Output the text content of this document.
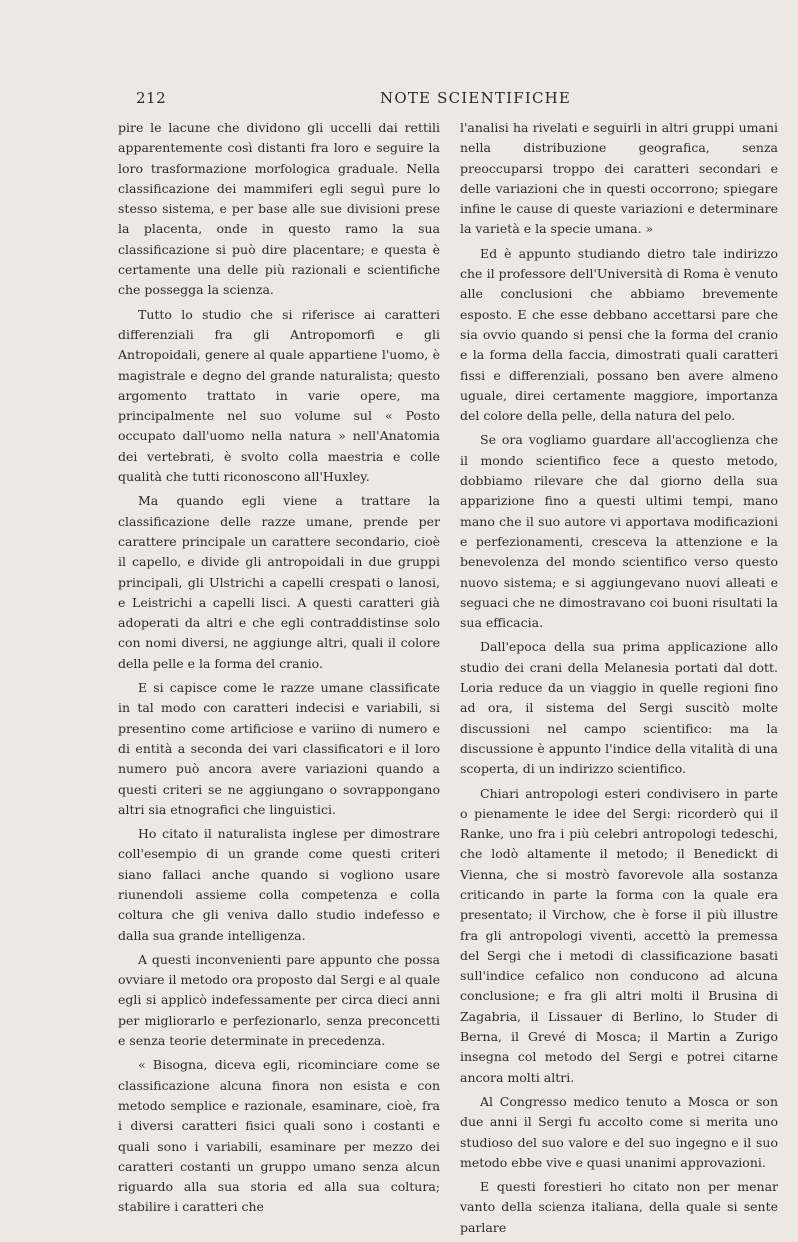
212	NOTE SCIENTIFICHE

pire le lacune che dividono gli uccelli dai rettili apparentemente così distanti fra loro e seguire la loro trasformazione morfologica graduale. Nella classificazione dei mammiferi egli seguì pure lo stesso sistema, e per base alle sue divisioni prese la placenta, onde in questo ramo la sua classificazione si può dire placentare; e questa è certamente una delle più razionali e scientifiche che possegga la scienza.

Tutto lo studio che si riferisce ai caratteri differenziali fra gli Antropomorfi e gli Antropoidali, genere al quale appartiene l'uomo, è magistrale e degno del grande naturalista; questo argomento trattato in varie opere, ma principalmente nel suo volume sul « Posto occupato dall'uomo nella natura » nell'Anatomia dei vertebrati, è svolto colla maestria e colle qualità che tutti riconoscono all'Huxley.

Ma quando egli viene a trattare la classificazione delle razze umane, prende per carattere principale un carattere secondario, cioè il capello, e divide gli antropoidali in due gruppi principali, gli Ulstrichi a capelli crespati o lanosi, e Leistrichi a capelli lisci. A questi caratteri già adoperati da altri e che egli contraddistinse solo con nomi diversi, ne aggiunge altri, quali il colore della pelle e la forma del cranio.

E si capisce come le razze umane classificate in tal modo con caratteri indecisi e variabili, si presentino come artificiose e variino di numero e di entità a seconda dei vari classificatori e il loro numero può ancora avere variazioni quando a questi criteri se ne aggiungano o sovrappongano altri sia etnografici che linguistici.

Ho citato il naturalista inglese per dimostrare coll'esempio di un grande come questi criteri siano fallaci anche quando si vogliono usare riunendoli assieme colla competenza e colla coltura che gli veniva dallo studio indefesso e dalla sua grande intelligenza.

A questi inconvenienti pare appunto che possa ovviare il metodo ora proposto dal Sergi e al quale egli si applicò indefessamente per circa dieci anni per migliorarlo e perfezionarlo, senza preconcetti e senza teorie determinate in precedenza.

« Bisogna, diceva egli, ricominciare come se classificazione alcuna finora non esista e con metodo semplice e razionale, esaminare, cioè, fra i diversi caratteri fisici quali sono i costanti e quali sono i variabili, esaminare per mezzo dei caratteri costanti un gruppo umano senza alcun riguardo alla sua storia ed alla sua coltura; stabilire i caratteri che

l'analisi ha rivelati e seguirli in altri gruppi umani nella distribuzione geografica, senza preoccuparsi troppo dei caratteri secondari e delle variazioni che in questi occorrono; spiegare infine le cause di queste variazioni e determinare la varietà e la specie umana. »

Ed è appunto studiando dietro tale indirizzo che il professore dell'Università di Roma è venuto alle conclusioni che abbiamo brevemente esposto. E che esse debbano accettarsi pare che sia ovvio quando si pensi che la forma del cranio e la forma della faccia, dimostrati quali caratteri fissi e differenziali, possano ben avere almeno uguale, direi certamente maggiore, importanza del colore della pelle, della natura del pelo.

Se ora vogliamo guardare all'accoglienza che il mondo scientifico fece a questo metodo, dobbiamo rilevare che dal giorno della sua apparizione fino a questi ultimi tempi, mano mano che il suo autore vi apportava modificazioni e perfezionamenti, cresceva la attenzione e la benevolenza del mondo scientifico verso questo nuovo sistema; e si aggiungevano nuovi alleati e seguaci che ne dimostravano coi buoni risultati la sua efficacia.

Dall'epoca della sua prima applicazione allo studio dei crani della Melanesia portati dal dott. Loria reduce da un viaggio in quelle regioni fino ad ora, il sistema del Sergi suscitò molte discussioni nel campo scientifico: ma la discussione è appunto l'indice della vitalità di una scoperta, di un indirizzo scientifico.

Chiari antropologi esteri condivisero in parte o pienamente le idee del Sergi: ricorderò qui il Ranke, uno fra i più celebri antropologi tedeschi, che lodò altamente il metodo; il Benedickt di Vienna, che si mostrò favorevole alla sostanza criticando in parte la forma con la quale era presentato; il Virchow, che è forse il più illustre fra gli antropologi viventi, accettò la premessa del Sergi che i metodi di classificazione basati sull'indice cefalico non conducono ad alcuna conclusione; e fra gli altri molti il Brusina di Zagabria, il Lissauer di Berlino, lo Studer di Berna, il Grevé di Mosca; il Martin a Zurigo insegna col metodo del Sergi e potrei citarne ancora molti altri.

Al Congresso medico tenuto a Mosca or son due anni il Sergi fu accolto come si merita uno studioso del suo valore e del suo ingegno e il suo metodo ebbe vive e quasi unanimi approvazioni.

E questi forestieri ho citato non per menar vanto della scienza italiana, della quale si sente parlare
